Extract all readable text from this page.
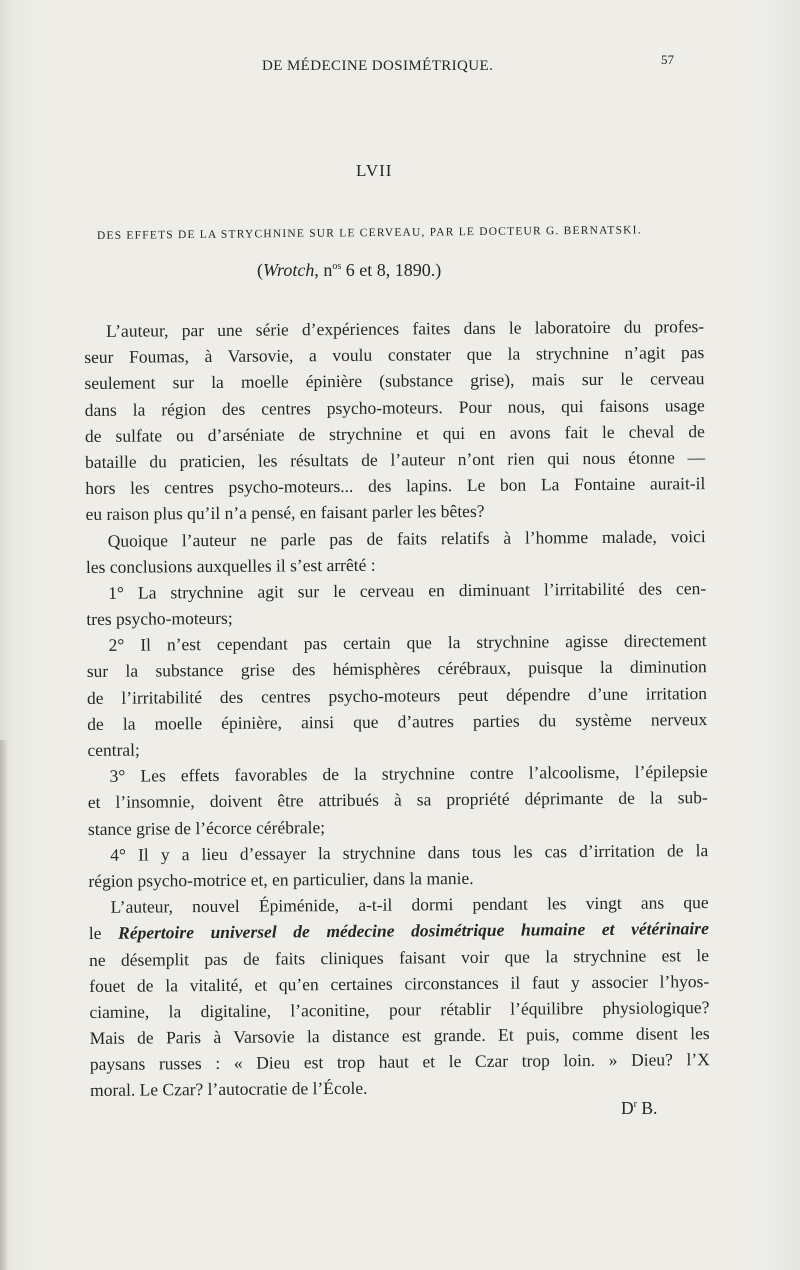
DE MÉDECINE DOSIMÉTRIQUE.	57
LVII
DES EFFETS DE LA STRYCHNINE SUR LE CERVEAU, PAR LE DOCTEUR G. BERNATSKI.
(Wrotch, $n^{os}$ 6 et 8, 1890.)
L’auteur, par une série d’expériences faites dans le laboratoire du profes-
seur Foumas, à Varsovie, a voulu constater que la strychnine n’agit pas
seulement sur la moelle épinière (substance grise), mais sur le cerveau
dans la région des centres psycho-moteurs. Pour nous, qui faisons usage
de sulfate ou d’arséniate de strychnine et qui en avons fait le cheval de
bataille du praticien, les résultats de l’auteur n’ont rien qui nous étonne —
hors les centres psycho-moteurs... des lapins. Le bon La Fontaine aurait-il
eu raison plus qu’il n’a pensé, en faisant parler les bêtes?
Quoique l’auteur ne parle pas de faits relatifs à l’homme malade, voici
les conclusions auxquelles il s’est arrêté :
1° La strychnine agit sur le cerveau en diminuant l’irritabilité des cen-
tres psycho-moteurs;
2° Il n’est cependant pas certain que la strychnine agisse directement
sur la substance grise des hémisphères cérébraux, puisque la diminution
de l’irritabilité des centres psycho-moteurs peut dépendre d’une irritation
de la moelle épinière, ainsi que d’autres parties du système nerveux
central;
3° Les effets favorables de la strychnine contre l’alcoolisme, l’épilepsie
et l’insomnie, doivent être attribués à sa propriété déprimante de la sub-
stance grise de l’écorce cérébrale;
4° Il y a lieu d’essayer la strychnine dans tous les cas d’irritation de la
région psycho-motrice et, en particulier, dans la manie.
L’auteur, nouvel Épiménide, a-t-il dormi pendant les vingt ans que
le Répertoire universel de médecine dosimétrique humaine et vétérinaire
ne désemplit pas de faits cliniques faisant voir que la strychnine est le
fouet de la vitalité, et qu’en certaines circonstances il faut y associer l’hyos-
ciamine, la digitaline, l’aconitine, pour rétablir l’équilibre physiologique?
Mais de Paris à Varsovie la distance est grande. Et puis, comme disent les
paysans russes : « Dieu est trop haut et le Czar trop loin. » Dieu? l’X
moral. Le Czar? l’autocratie de l’École.
$D^r$ B.
